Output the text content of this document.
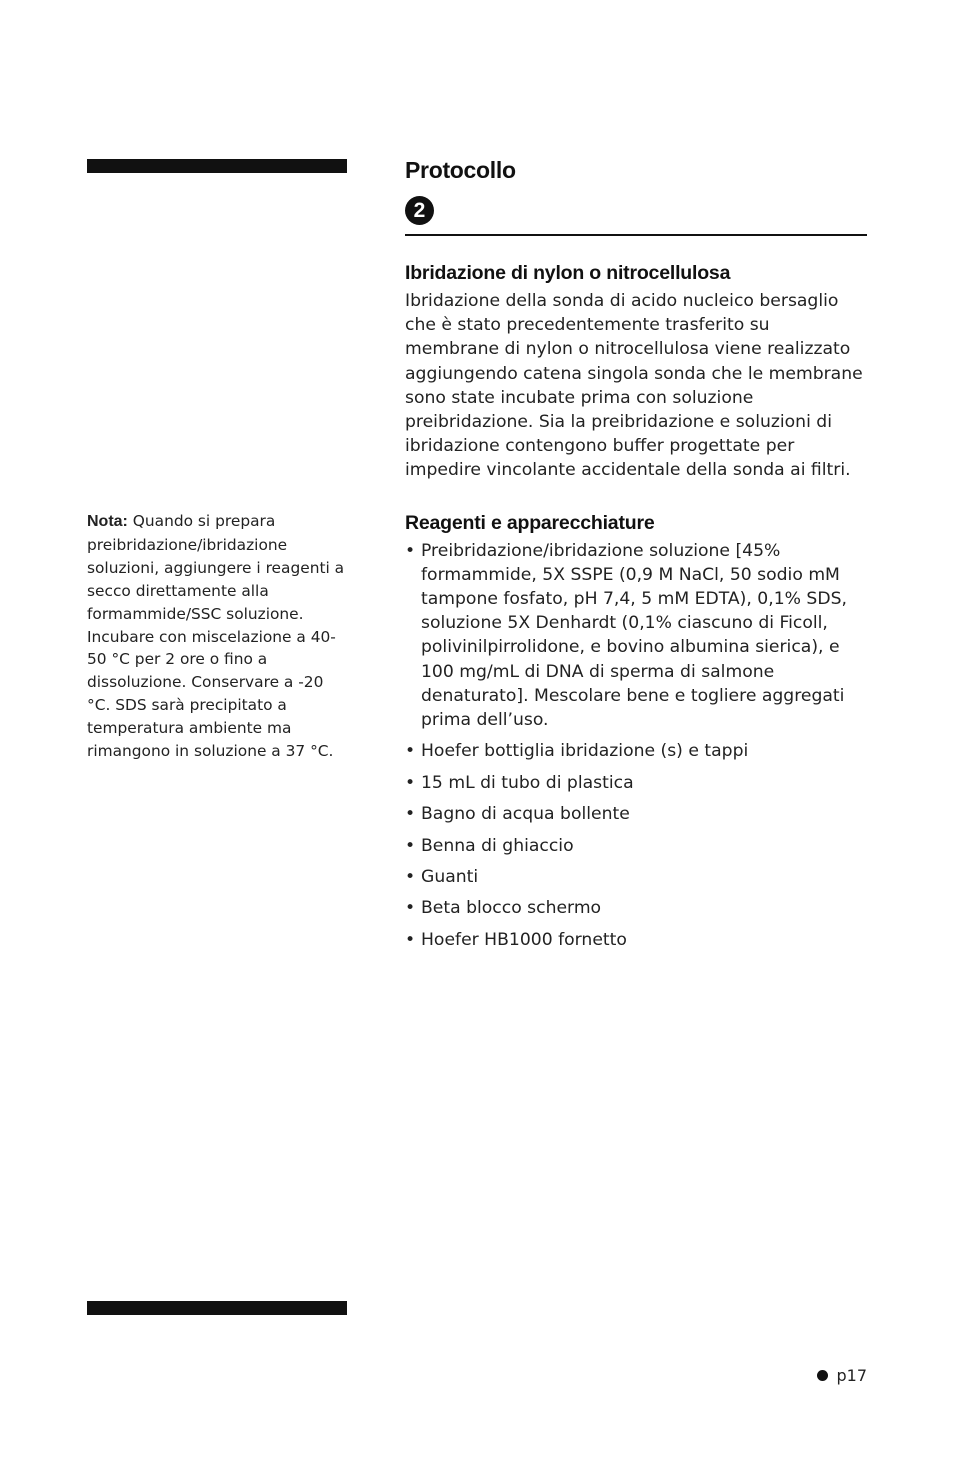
Nota: Quando si prepara preibridazione/ibridazione soluzioni, aggiungere i reagenti a secco direttamente alla formammide/SSC soluzione. Incubare con miscelazione a 40-50 °C per 2 ore o fino a dissoluzione. Conservare a -20 °C. SDS sarà precipitato a temperatura ambiente ma rimangono in soluzione a 37 °C.
Protocollo
2
Ibridazione di nylon o nitrocellulosa

Ibridazione della sonda di acido nucleico bersaglio che è stato precedentemente trasferito su membrane di nylon o nitrocellulosa viene realizzato aggiungendo catena singola sonda che le membrane sono state incubate prima con soluzione preibridazione. Sia la preibridazione e soluzioni di ibridazione contengono buffer progettate per impedire vincolante accidentale della sonda ai filtri.

Reagenti e apparecchiature
• Preibridazione/ibridazione soluzione [45% formammide, 5X SSPE (0,9 M NaCl, 50 sodio mM tampone fosfato, pH 7,4, 5 mM EDTA), 0,1% SDS, soluzione 5X Denhardt (0,1% ciascuno di Ficoll, polivinilpirrolidone, e bovino albumina sierica), e 100 mg/mL di DNA di sperma di salmone denaturato]. Mescolare bene e togliere aggregati prima dell’uso.
• Hoefer bottiglia ibridazione (s) e tappi
• 15 mL di tubo di plastica
• Bagno di acqua bollente
• Benna di ghiaccio
• Guanti
• Beta blocco schermo
• Hoefer HB1000 fornetto
p17
